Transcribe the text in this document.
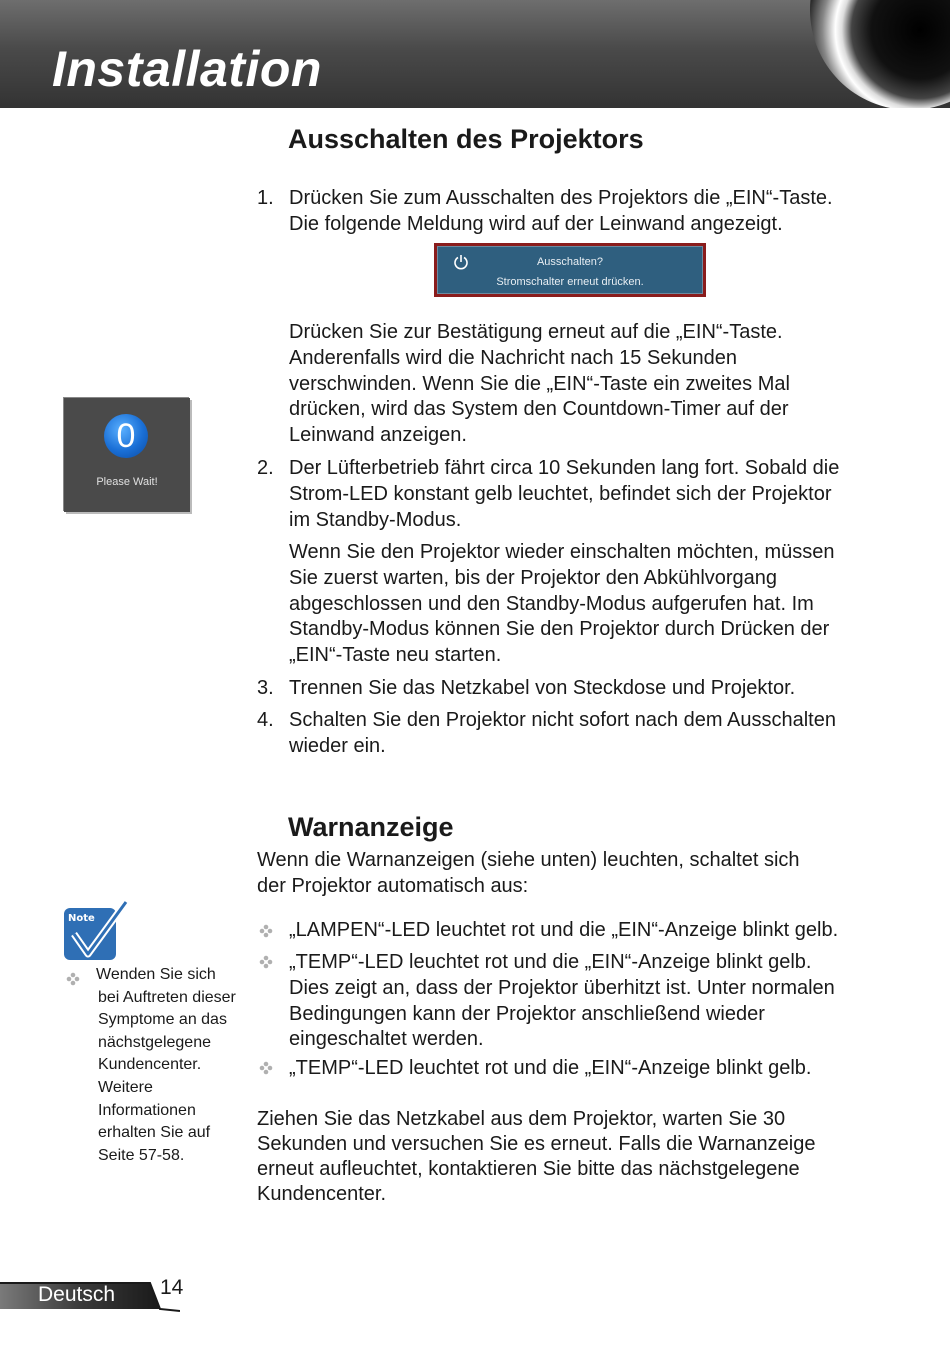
Installation
Ausschalten des Projektors
1. Drücken Sie zum Ausschalten des Projektors die „EIN“-Taste.
Die folgende Meldung wird auf der Leinwand angezeigt.
Ausschalten?
Stromschalter erneut drücken.
Drücken Sie zur Bestätigung erneut auf die „EIN“-Taste.
Anderenfalls wird die Nachricht nach 15 Sekunden
verschwinden. Wenn Sie die „EIN“-Taste ein zweites Mal
drücken, wird das System den Countdown-Timer auf der
Leinwand anzeigen.
0
Please Wait!
2. Der Lüfterbetrieb fährt circa 10 Sekunden lang fort. Sobald die
Strom-LED konstant gelb leuchtet, befindet sich der Projektor
im Standby-Modus.
Wenn Sie den Projektor wieder einschalten möchten, müssen
Sie zuerst warten, bis der Projektor den Abkühlvorgang
abgeschlossen und den Standby-Modus aufgerufen hat. Im
Standby-Modus können Sie den Projektor durch Drücken der
„EIN“-Taste neu starten.
3. Trennen Sie das Netzkabel von Steckdose und Projektor.
4. Schalten Sie den Projektor nicht sofort nach dem Ausschalten
wieder ein.
Warnanzeige
Wenn die Warnanzeigen (siehe unten) leuchten, schaltet sich
der Projektor automatisch aus:
„LAMPEN“-LED leuchtet rot und die „EIN“-Anzeige blinkt gelb.
„TEMP“-LED leuchtet rot und die „EIN“-Anzeige blinkt gelb.
Dies zeigt an, dass der Projektor überhitzt ist. Unter normalen
Bedingungen kann der Projektor anschließend wieder
eingeschaltet werden.
„TEMP“-LED leuchtet rot und die „EIN“-Anzeige blinkt gelb.
Ziehen Sie das Netzkabel aus dem Projektor, warten Sie 30
Sekunden und versuchen Sie es erneut. Falls die Warnanzeige
erneut aufleuchtet, kontaktieren Sie bitte das nächstgelegene
Kundencenter.
Note
Wenden Sie sich
bei Auftreten dieser
Symptome an das
nächstgelegene
Kundencenter.
Weitere
Informationen
erhalten Sie auf
Seite 57-58.
Deutsch 14
